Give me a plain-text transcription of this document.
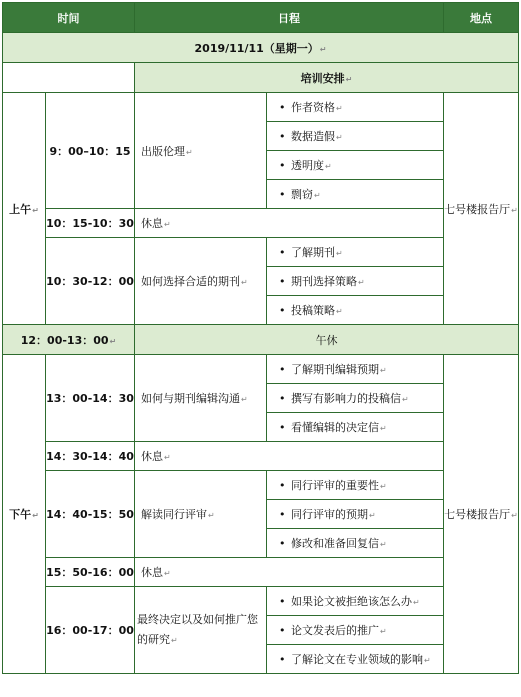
时间		日程		地点
2019/11/11（星期一）↵				
		培训安排↵		
上午↵	9：00–10：15	出版伦理↵	• 作者资格↵	七号楼报告厅↵
			• 数据造假↵	
			• 透明度↵	
			• 剽窃↵	
	10：15-10：30	休息↵		
	10：30-12：00	如何选择合适的期刊↵	• 了解期刊↵	
			• 期刊选择策略↵	
			• 投稿策略↵	
12：00-13：00↵		午休		
下午↵	13：00-14：30	如何与期刊编辑沟通↵	• 了解期刊编辑预期↵	七号楼报告厅↵
			• 撰写有影响力的投稿信↵	
			• 看懂编辑的决定信↵	
	14：30-14：40	休息↵		
	14：40-15：50	解读同行评审↵	• 同行评审的重要性↵	
			• 同行评审的预期↵	
			• 修改和准备回复信↵	
	15：50-16：00	休息↵		
	16：00-17：00	最终决定以及如何推广您的研究↵	• 如果论文被拒绝该怎么办↵	
			• 论文发表后的推广↵	
			• 了解论文在专业领域的影响↵	
